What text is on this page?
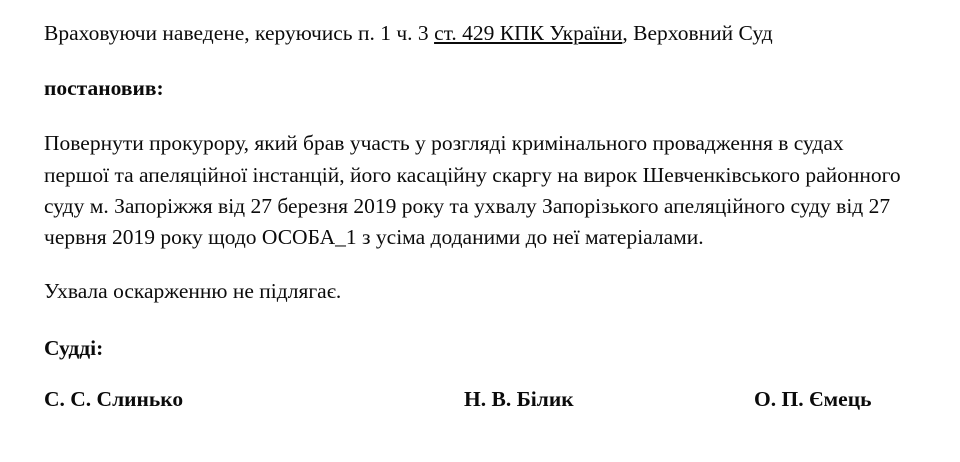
Враховуючи наведене, керуючись п. 1 ч. 3 ст. 429 КПК України, Верховний Суд

постановив:

Повернути прокурору, який брав участь у розгляді кримінального провадження в судах першої та апеляційної інстанцій, його касаційну скаргу на вирок Шевченківського районного суду м. Запоріжжя від 27 березня 2019 року та ухвалу Запорізького апеляційного суду від 27 червня 2019 року щодо ОСОБА_1 з усіма доданими до неї матеріалами.

Ухвала оскарженню не підлягає.

Судді:

С. С. Слинько	Н. В. Білик	О. П. Ємець
